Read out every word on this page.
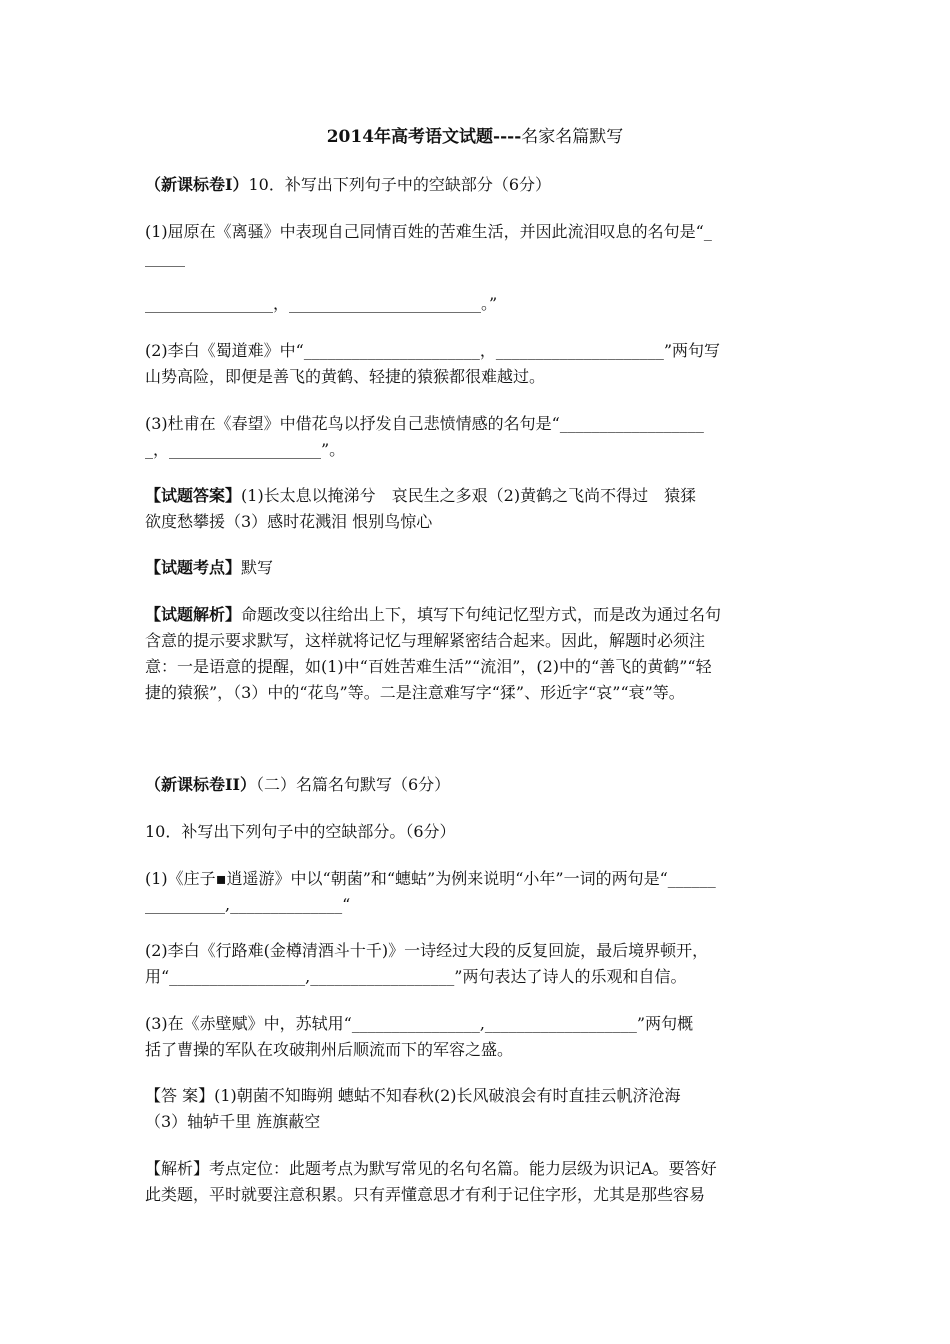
2014年高考语文试题----名家名篇默写
（新课标卷Ⅰ）10．补写出下列句子中的空缺部分（6分）
(1)屈原在《离骚》中表现自己同情百姓的苦难生活，并因此流泪叹息的名句是“_
_____
________________，________________________。”
(2)李白《蜀道难》中“______________________，_____________________”两句写
山势高险，即便是善飞的黄鹤、轻捷的猿猴都很难越过。
(3)杜甫在《春望》中借花鸟以抒发自己悲愤情感的名句是“__________________
_，___________________”。
【试题答案】(1)长太息以掩涕兮　哀民生之多艰（2)黄鹤之飞尚不得过　猿猱
欲度愁攀援（3）感时花溅泪 恨别鸟惊心
【试题考点】默写
【试题解析】命题改变以往给出上下，填写下句纯记忆型方式，而是改为通过名句
含意的提示要求默写，这样就将记忆与理解紧密结合起来。因此，解题时必须注
意：一是语意的提醒，如(1)中“百姓苦难生活”“流泪”，(2)中的“善飞的黄鹤”“轻
捷的猿猴”，（3）中的“花鸟”等。二是注意难写字“猱”、形近字“哀”“衰”等。
（新课标卷II）（二）名篇名句默写（6分）
10．补写出下列句子中的空缺部分。（6分）
(1)《庄子▪逍遥游》中以“朝菌”和“蟪蛄”为例来说明“小年”一词的两句是“______
__________,______________“
(2)李白《行路难(金樽清酒斗十千)》一诗经过大段的反复回旋，最后境界顿开，
用“_________________,__________________”两句表达了诗人的乐观和自信。
(3)在《赤壁赋》中，苏轼用“________________,___________________”两句概
括了曹操的军队在攻破荆州后顺流而下的军容之盛。
【答 案】(1)朝菌不知晦朔 蟪蛄不知春秋(2)长风破浪会有时直挂云帆济沧海
（3）轴轳千里 旌旗蔽空
【解析】考点定位：此题考点为默写常见的名句名篇。能力层级为识记A。要答好
此类题，平时就要注意积累。只有弄懂意思才有利于记住字形，尤其是那些容易
